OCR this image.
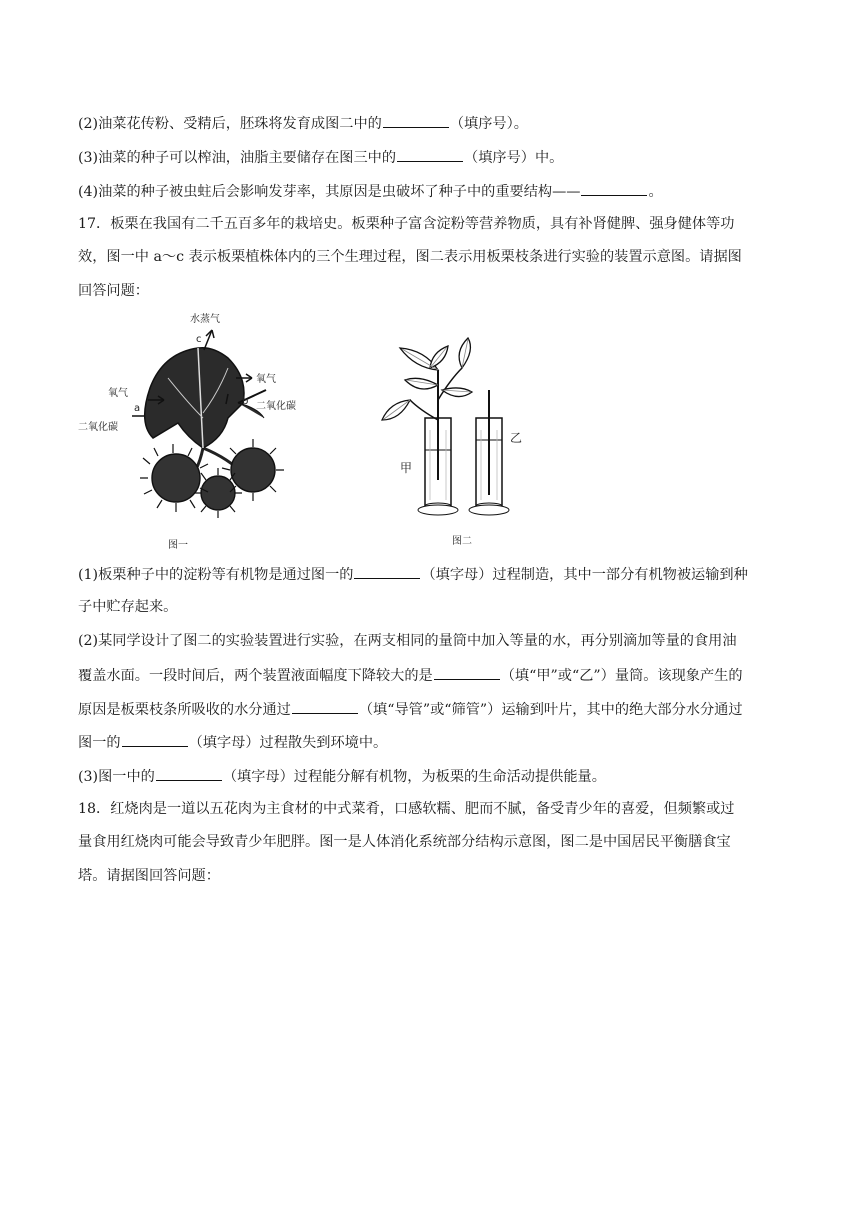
(2)油菜花传粉、受精后，胚珠将发育成图二中的	（填序号）。
(3)油菜的种子可以榨油，油脂主要储存在图三中的	（填序号）中。
(4)油菜的种子被虫蛀后会影响发芽率，其原因是虫破坏了种子中的重要结构——	。
17．板栗在我国有二千五百多年的栽培史。板栗种子富含淀粉等营养物质，具有补肾健脾、强身健体等功
效，图一中 a～c 表示板栗植株体内的三个生理过程，图二表示用板栗枝条进行实验的装置示意图。请据图
回答问题：
水蒸气
c
氧气
b 二氧化碳
氧气
a
二氧化碳
图一
甲
乙
图二
(1)板栗种子中的淀粉等有机物是通过图一的	（填字母）过程制造，其中一部分有机物被运输到种
子中贮存起来。
(2)某同学设计了图二的实验装置进行实验，在两支相同的量筒中加入等量的水，再分别滴加等量的食用油
覆盖水面。一段时间后，两个装置液面幅度下降较大的是	（填“甲”或“乙”）量筒。该现象产生的
原因是板栗枝条所吸收的水分通过	（填“导管”或“筛管”）运输到叶片，其中的绝大部分水分通过
图一的	（填字母）过程散失到环境中。
(3)图一中的	（填字母）过程能分解有机物，为板栗的生命活动提供能量。
18．红烧肉是一道以五花肉为主食材的中式菜肴，口感软糯、肥而不腻，备受青少年的喜爱，但频繁或过
量食用红烧肉可能会导致青少年肥胖。图一是人体消化系统部分结构示意图，图二是中国居民平衡膳食宝
塔。请据图回答问题：
